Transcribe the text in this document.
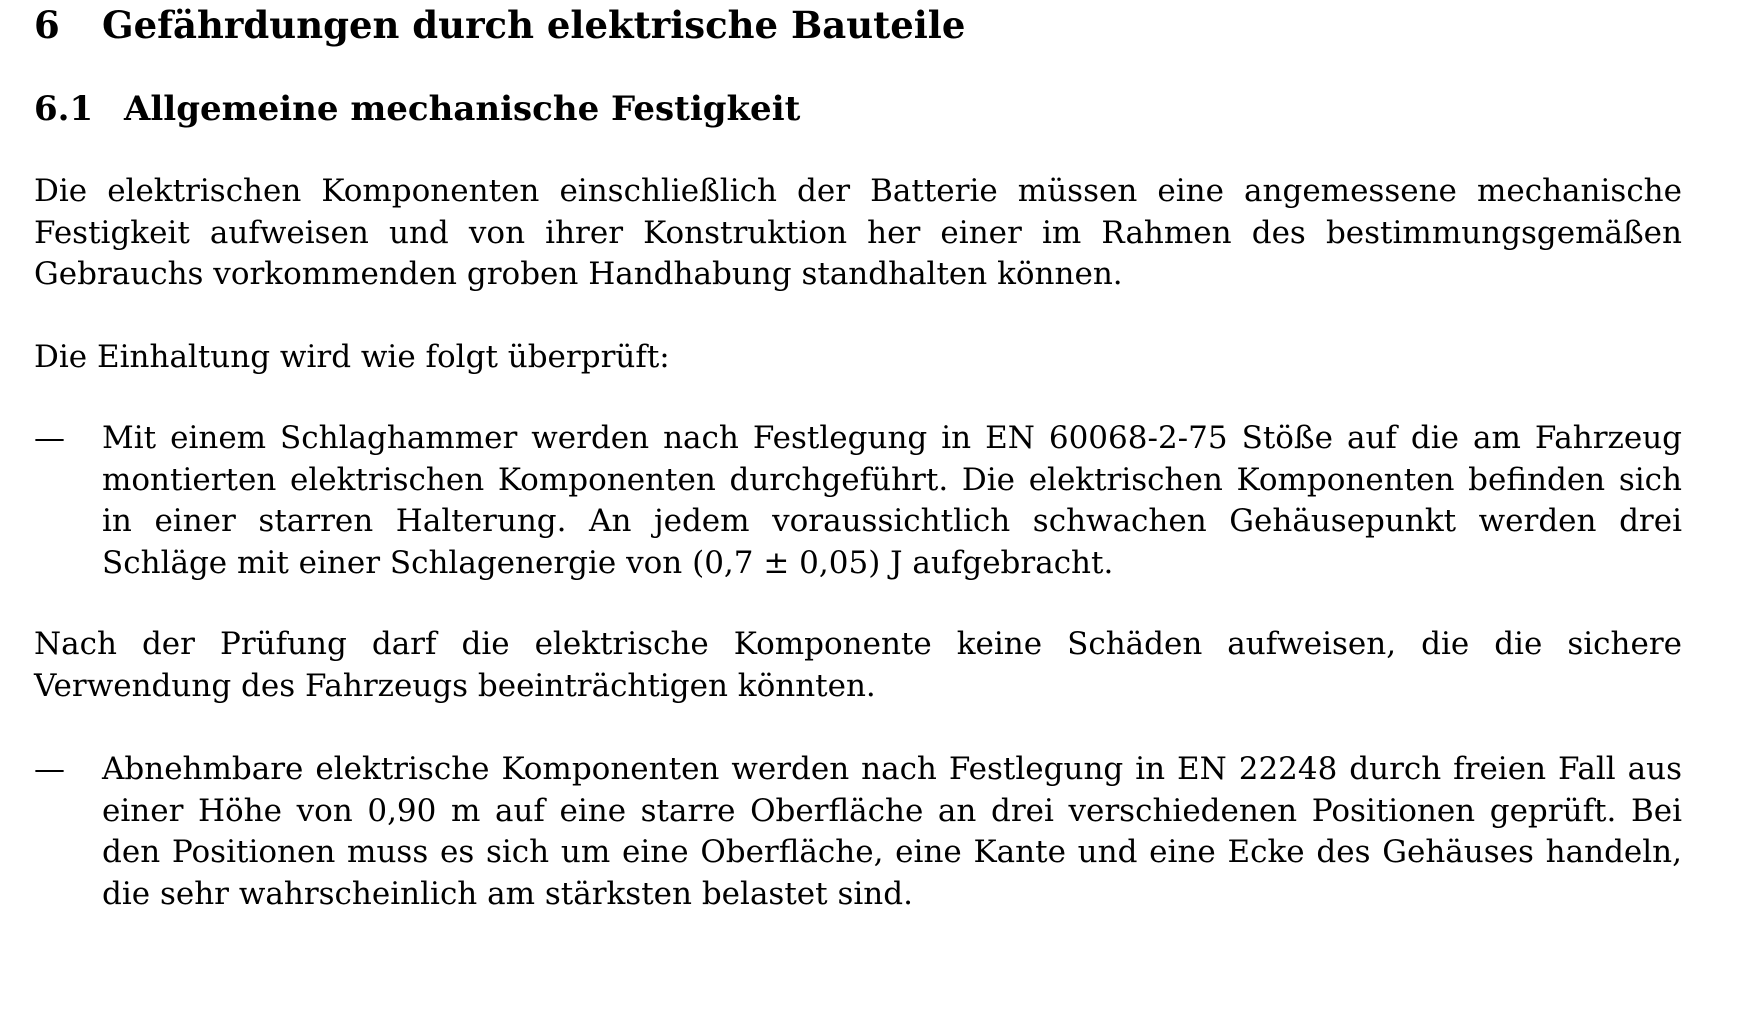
6	Gefährdungen durch elektrische Bauteile
6.1 Allgemeine mechanische Festigkeit

Die elektrischen Komponenten einschließlich der Batterie müssen eine angemessene mechanische Festigkeit aufweisen und von ihrer Konstruktion her einer im Rahmen des bestimmungsgemäßen Gebrauchs vorkommenden groben Handhabung standhalten können.

Die Einhaltung wird wie folgt überprüft:

— Mit einem Schlaghammer werden nach Festlegung in EN 60068-2-75 Stöße auf die am Fahrzeug montierten elektrischen Komponenten durchgeführt. Die elektrischen Komponenten befinden sich in einer starren Halterung. An jedem voraussichtlich schwachen Gehäusepunkt werden drei Schläge mit einer Schlagenergie von (0,7 ± 0,05) J aufgebracht.

Nach der Prüfung darf die elektrische Komponente keine Schäden aufweisen, die die sichere Verwendung des Fahrzeugs beeinträchtigen könnten.

— Abnehmbare elektrische Komponenten werden nach Festlegung in EN 22248 durch freien Fall aus einer Höhe von 0,90 m auf eine starre Oberfläche an drei verschiedenen Positionen geprüft. Bei den Positionen muss es sich um eine Oberfläche, eine Kante und eine Ecke des Gehäuses handeln, die sehr wahrscheinlich am stärksten belastet sind.
